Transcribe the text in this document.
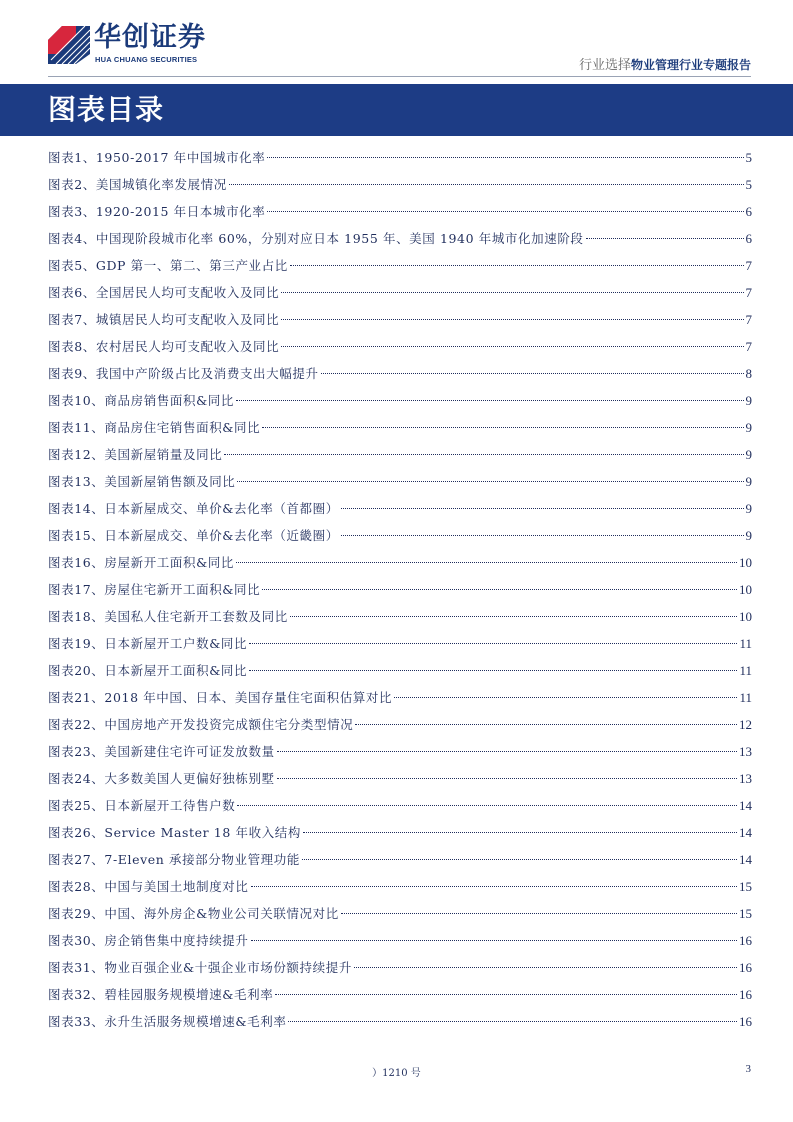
华创证券
HUA CHUANG SECURITIES	行业选择物业管理行业专题报告
图表目录
图表1、1950-2017 年中国城市化率	5
图表2、美国城镇化率发展情况	5
图表3、1920-2015 年日本城市化率	6
图表4、中国现阶段城市化率 60%，分别对应日本 1955 年、美国 1940 年城市化加速阶段	6
图表5、GDP 第一、第二、第三产业占比	7
图表6、全国居民人均可支配收入及同比	7
图表7、城镇居民人均可支配收入及同比	7
图表8、农村居民人均可支配收入及同比	7
图表9、我国中产阶级占比及消费支出大幅提升	8
图表10、商品房销售面积&同比	9
图表11、商品房住宅销售面积&同比	9
图表12、美国新屋销量及同比	9
图表13、美国新屋销售额及同比	9
图表14、日本新屋成交、单价&去化率（首都圈）	9
图表15、日本新屋成交、单价&去化率（近畿圈）	9
图表16、房屋新开工面积&同比	10
图表17、房屋住宅新开工面积&同比	10
图表18、美国私人住宅新开工套数及同比	10
图表19、日本新屋开工户数&同比	11
图表20、日本新屋开工面积&同比	11
图表21、2018 年中国、日本、美国存量住宅面积估算对比	11
图表22、中国房地产开发投资完成额住宅分类型情况	12
图表23、美国新建住宅许可证发放数量	13
图表24、大多数美国人更偏好独栋别墅	13
图表25、日本新屋开工待售户数	14
图表26、Service Master 18 年收入结构	14
图表27、7-Eleven 承接部分物业管理功能	14
图表28、中国与美国土地制度对比	15
图表29、中国、海外房企&物业公司关联情况对比	15
图表30、房企销售集中度持续提升	16
图表31、物业百强企业&十强企业市场份额持续提升	16
图表32、碧桂园服务规模增速&毛利率	16
图表33、永升生活服务规模增速&毛利率	16
）1210 号	3
